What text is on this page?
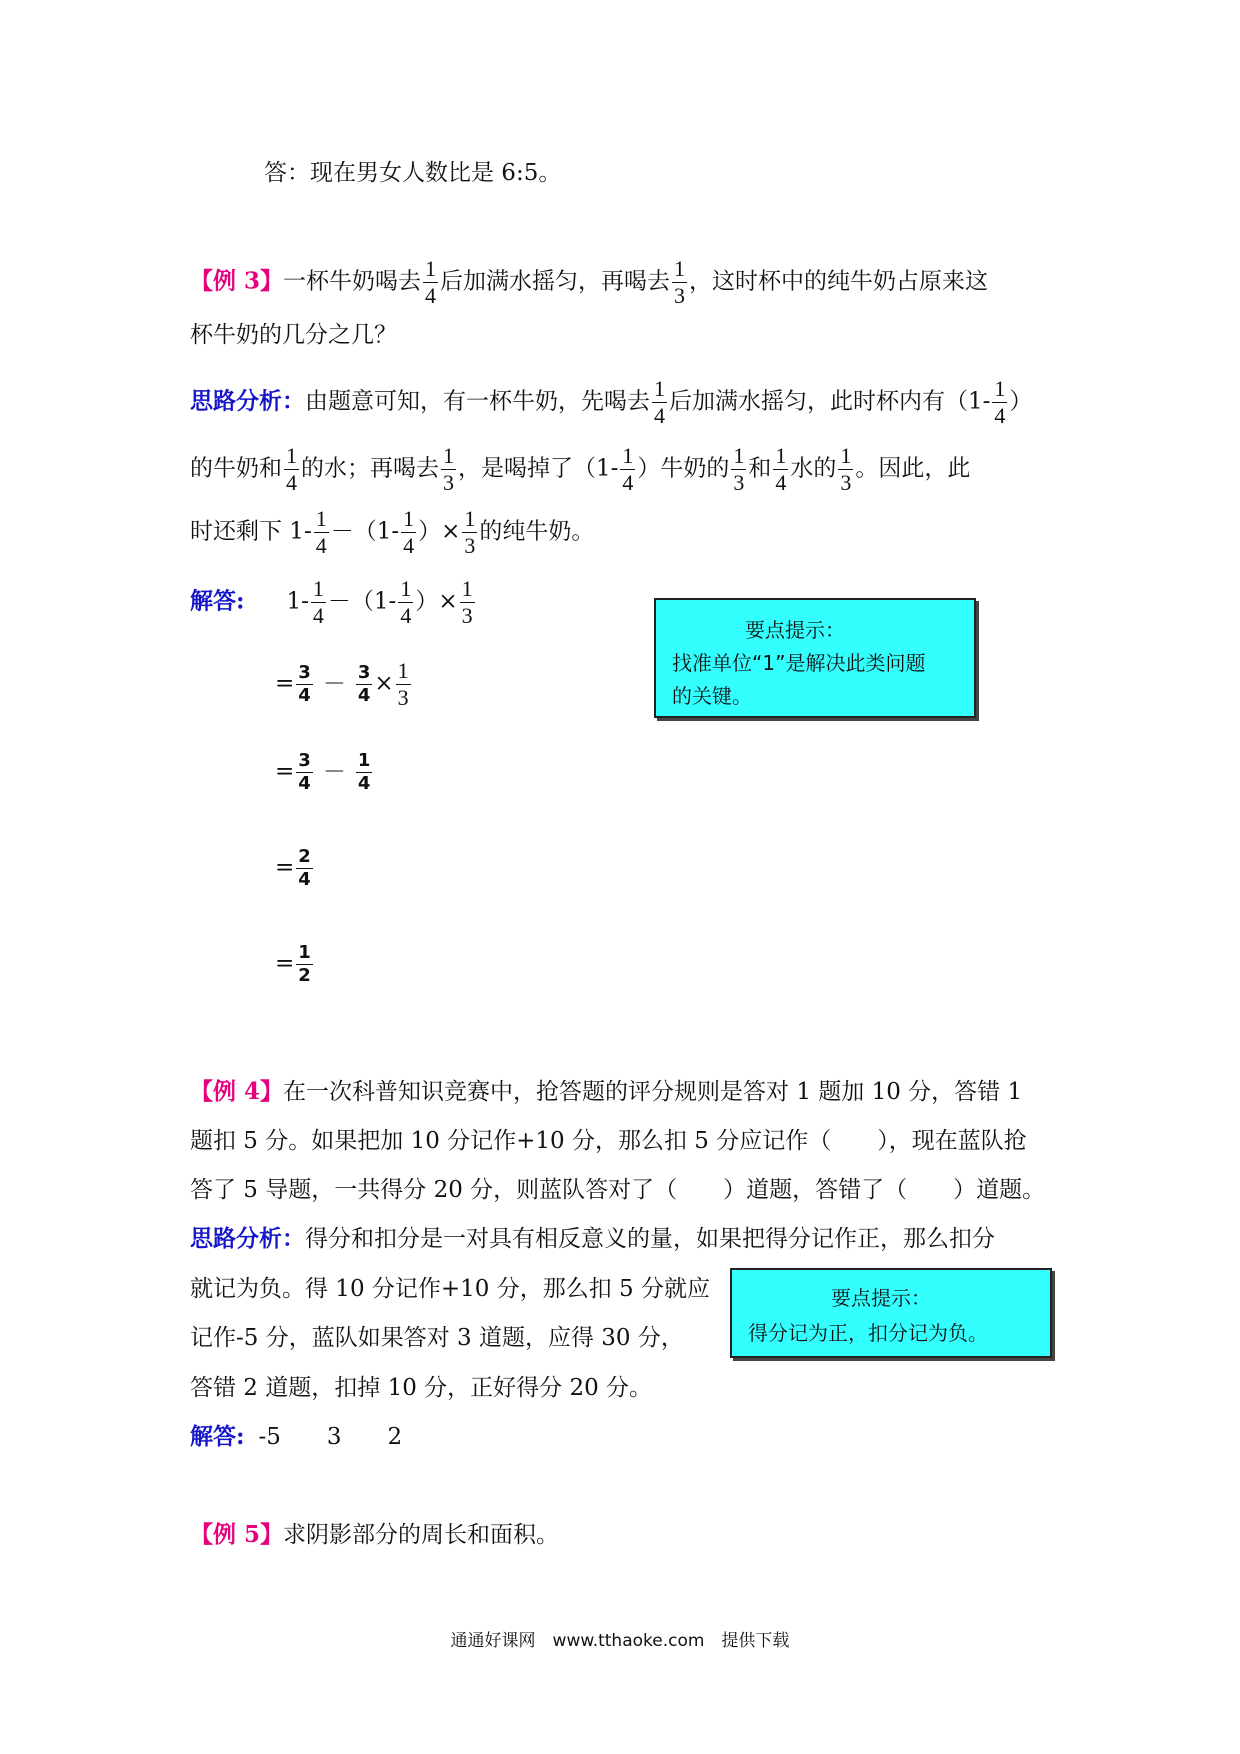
答：现在男女人数比是 6:5。
【例 3】一杯牛奶喝去 $\frac{1}{4}$ 后加满水摇匀，再喝去 $\frac{1}{3}$ ，这时杯中的纯牛奶占原来这
杯牛奶的几分之几？
思路分析：由题意可知，有一杯牛奶，先喝去 $\frac{1}{4}$ 后加满水摇匀，此时杯内有（$1- \frac{1}{4}$ ）
的牛奶和 $\frac{1}{4}$ 的水；再喝去 $\frac{1}{3}$ ，是喝掉了（$1- \frac{1}{4}$ ）牛奶的 $\frac{1}{3}$ 和 $\frac{1}{4}$ 水的 $\frac{1}{3}$ 。因此，此
时还剩下 $1- \frac{1}{4} -(1- \frac{1}{4}$ ）× $\frac{1}{3}$ 的纯牛奶。
解答: $1- \frac{1}{4} -(1- \frac{1}{4}$ ）× $\frac{1}{3}$
= $\frac{3}{4} - \frac{3}{4} \times \frac{1}{3}$
= $\frac{3}{4} - \frac{1}{4}$
= $\frac{2}{4}$
= $\frac{1}{2}$
要点提示：
找准单位“1”是解决此类问题
的关键。
【例 4】在一次科普知识竞赛中，抢答题的评分规则是答对 1 题加 10 分，答错 1
题扣 5 分。如果把加 10 分记作+10 分，那么扣 5 分应记作（　　），现在蓝队抢
答了 5 导题，一共得分 20 分，则蓝队答对了（　　）道题，答错了（　　）道题。
思路分析：得分和扣分是一对具有相反意义的量，如果把得分记作正，那么扣分
就记为负。得 10 分记作+10 分，那么扣 5 分就应
记作-5 分，蓝队如果答对 3 道题，应得 30 分，
答错 2 道题，扣掉 10 分，正好得分 20 分。
解答: -5　　3　　2
要点提示：
得分记为正，扣分记为负。
【例 5】求阴影部分的周长和面积。
通通好课网　www.tthaoke.com　提供下载
